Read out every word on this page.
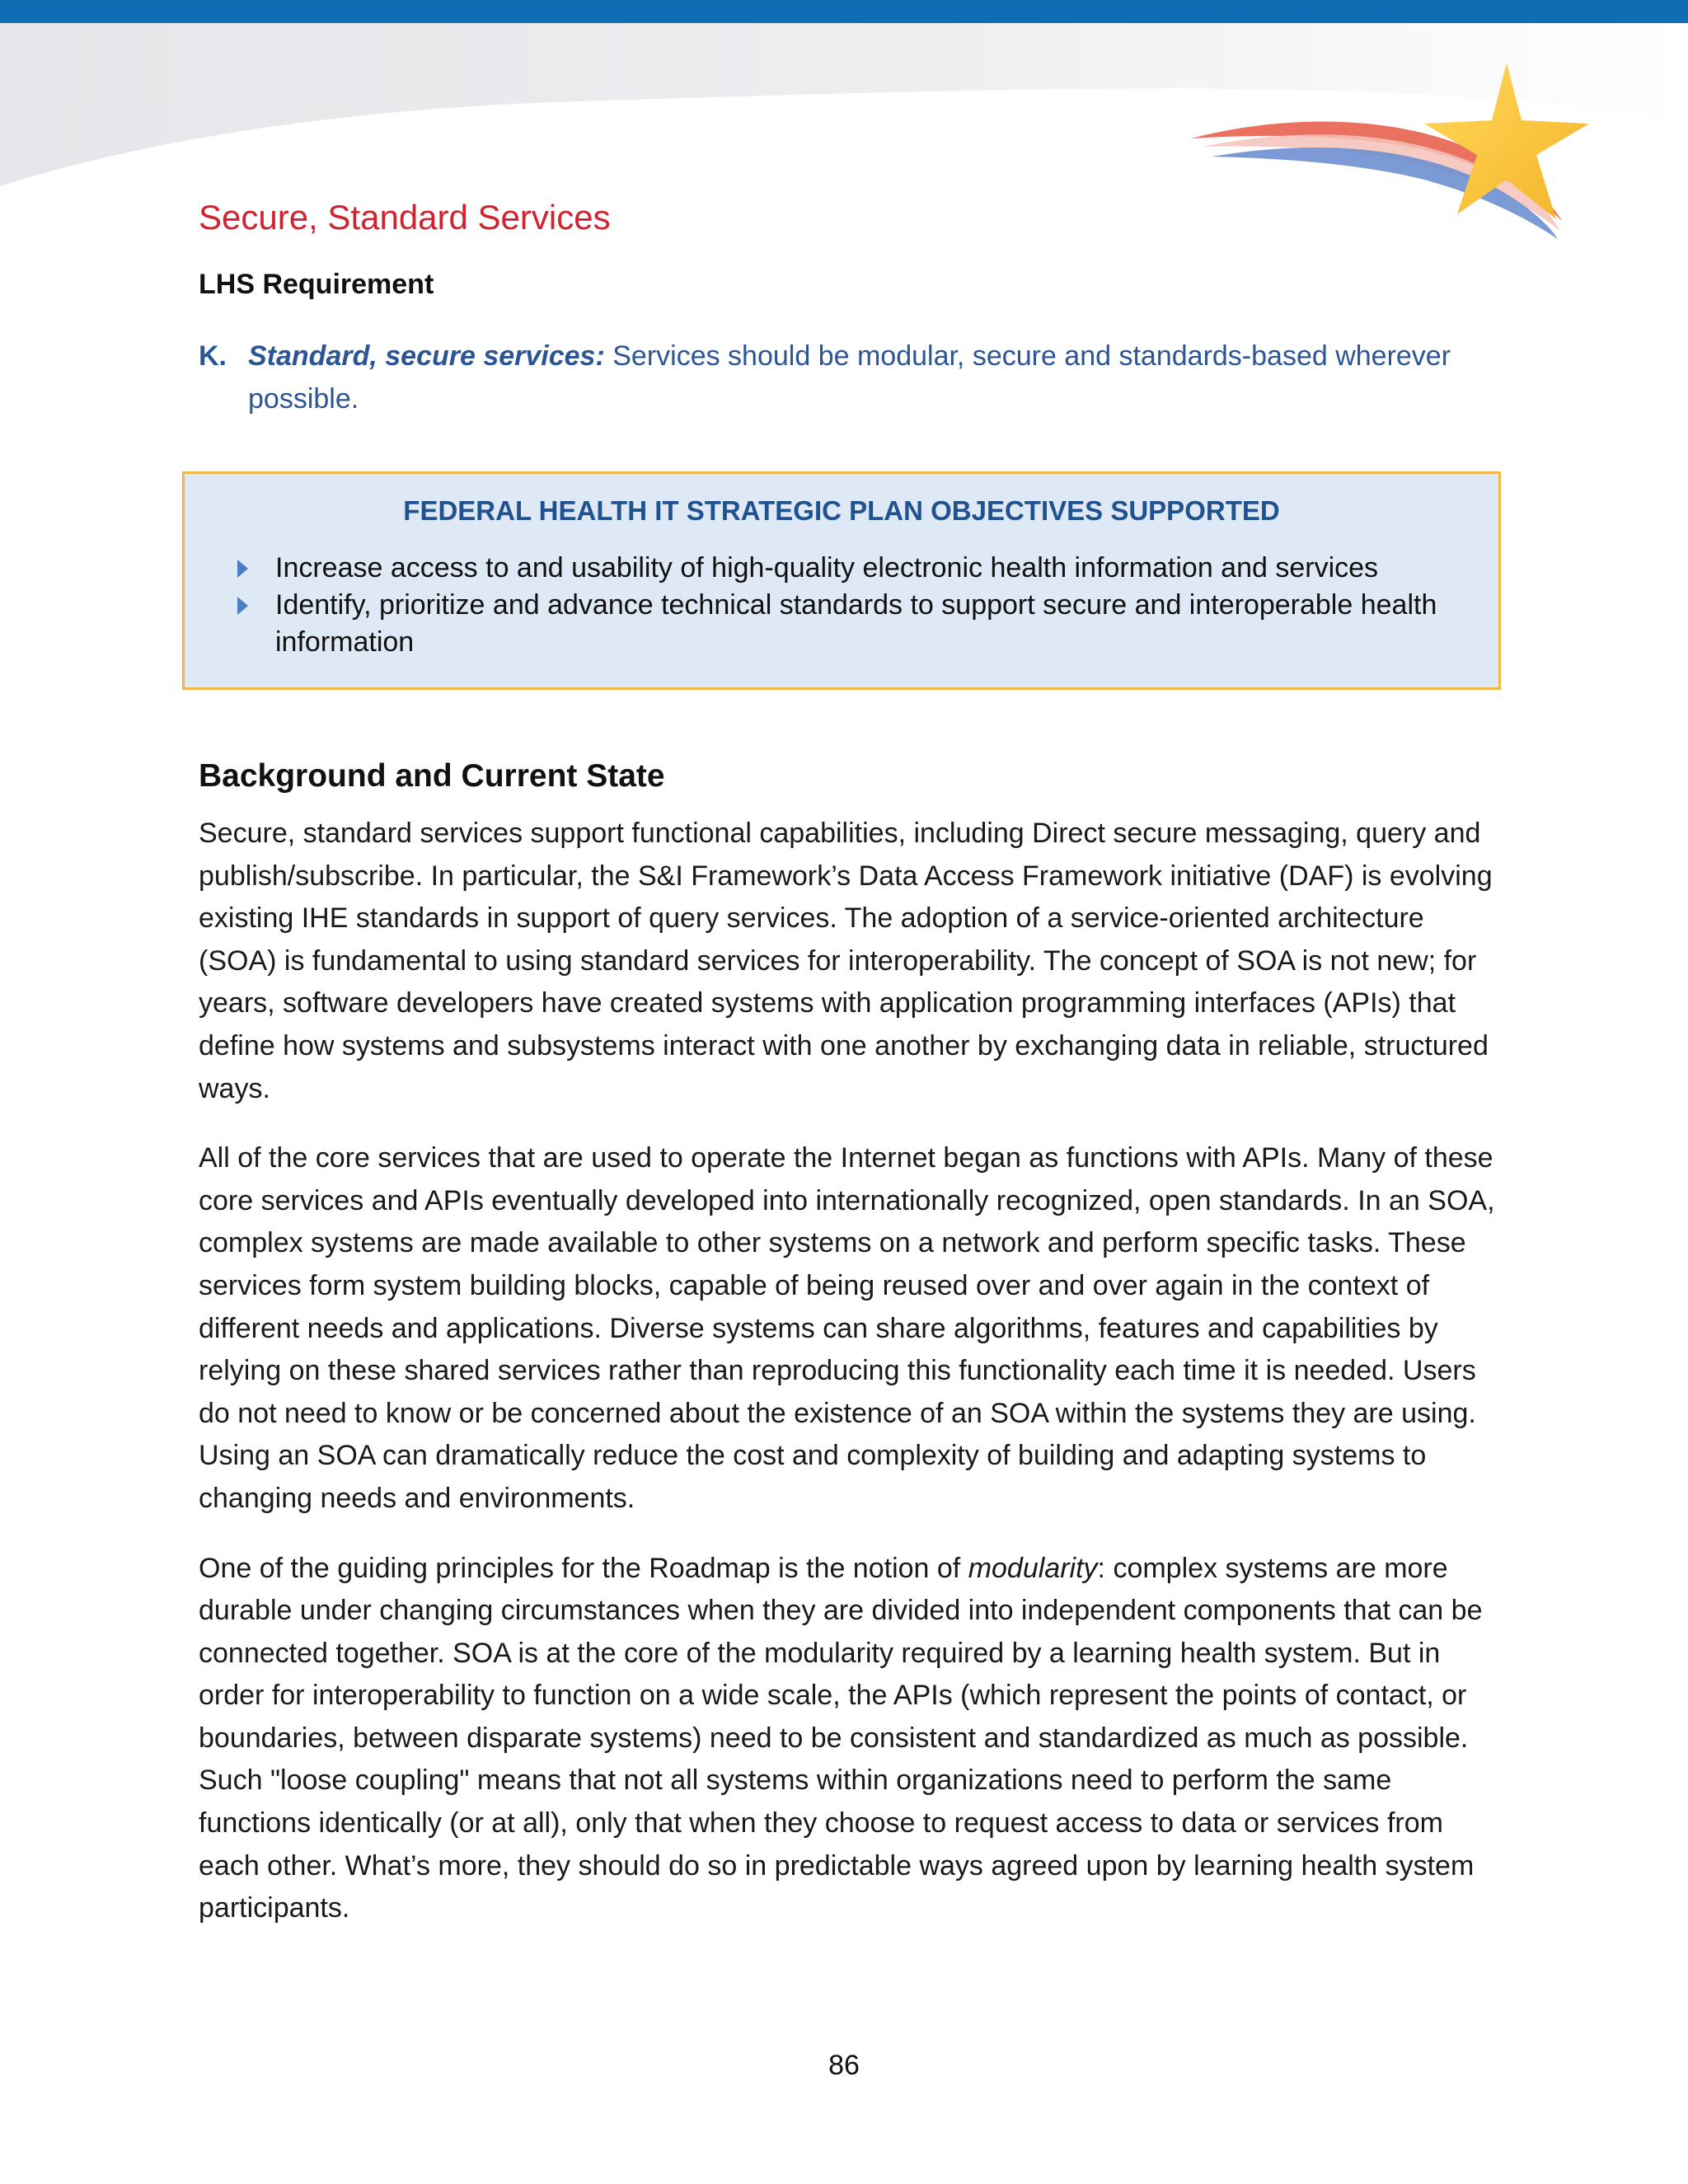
Secure, Standard Services
LHS Requirement
K. Standard, secure services: Services should be modular, secure and standards-based wherever possible.
FEDERAL HEALTH IT STRATEGIC PLAN OBJECTIVES SUPPORTED
Increase access to and usability of high-quality electronic health information and services
Identify, prioritize and advance technical standards to support secure and interoperable health information
Background and Current State

Secure, standard services support functional capabilities, including Direct secure messaging, query and publish/subscribe. In particular, the S&I Framework’s Data Access Framework initiative (DAF) is evolving existing IHE standards in support of query services. The adoption of a service-oriented architecture (SOA) is fundamental to using standard services for interoperability. The concept of SOA is not new; for years, software developers have created systems with application programming interfaces (APIs) that define how systems and subsystems interact with one another by exchanging data in reliable, structured ways.

All of the core services that are used to operate the Internet began as functions with APIs. Many of these core services and APIs eventually developed into internationally recognized, open standards. In an SOA, complex systems are made available to other systems on a network and perform specific tasks. These services form system building blocks, capable of being reused over and over again in the context of different needs and applications. Diverse systems can share algorithms, features and capabilities by relying on these shared services rather than reproducing this functionality each time it is needed. Users do not need to know or be concerned about the existence of an SOA within the systems they are using. Using an SOA can dramatically reduce the cost and complexity of building and adapting systems to changing needs and environments.

One of the guiding principles for the Roadmap is the notion of modularity: complex systems are more durable under changing circumstances when they are divided into independent components that can be connected together. SOA is at the core of the modularity required by a learning health system. But in order for interoperability to function on a wide scale, the APIs (which represent the points of contact, or boundaries, between disparate systems) need to be consistent and standardized as much as possible. Such "loose coupling" means that not all systems within organizations need to perform the same functions identically (or at all), only that when they choose to request access to data or services from each other. What’s more, they should do so in predictable ways agreed upon by learning health system participants.

86
